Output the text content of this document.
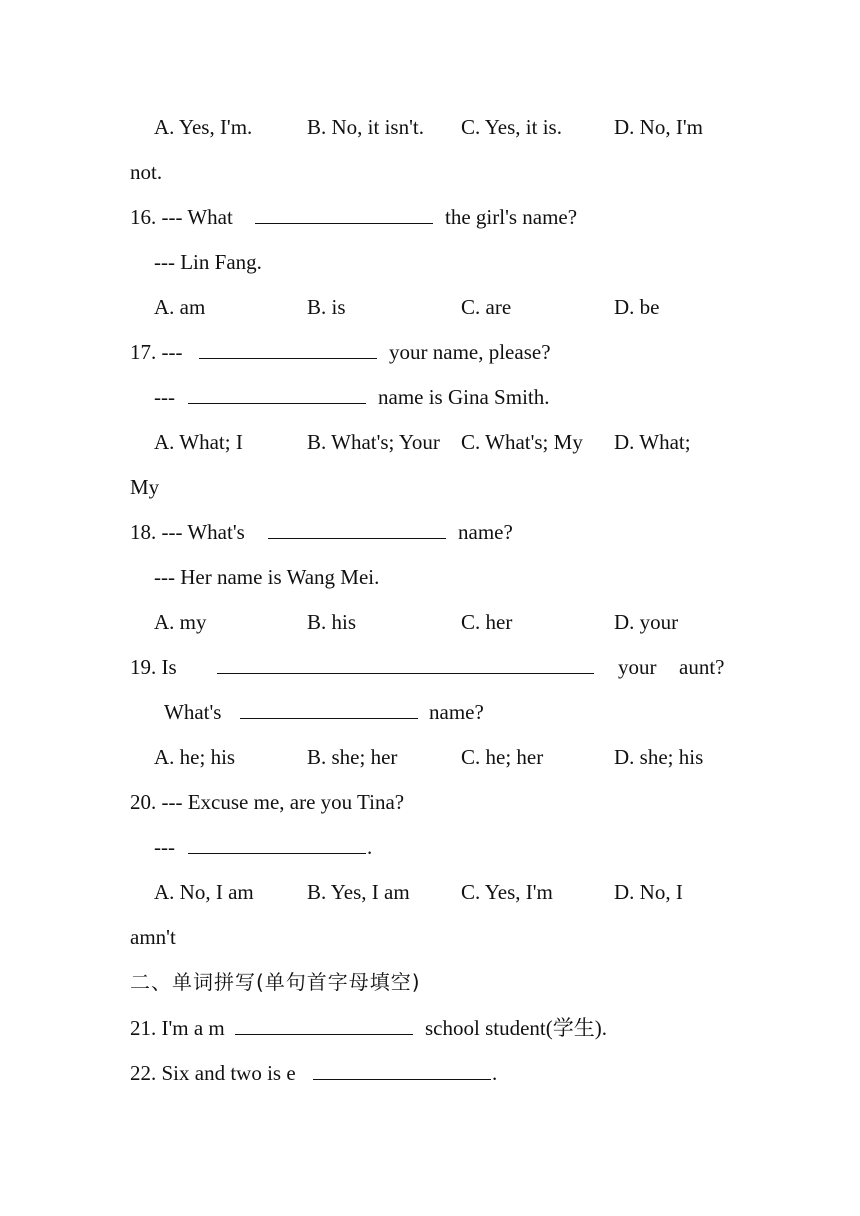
A. Yes, I'm.	B. No, it isn't. C. Yes, it is. D. No, I'm
not.
16. --- What	the girl's name?
--- Lin Fang.
A. am	B. is	C. are	D. be
17. ---	your name, please?
---	name is Gina Smith.
A. What; I	B. What's; Your C. What's; My D. What;
My
18. --- What's	name?
--- Her name is Wang Mei.
A. my	B. his	C. her	D. your
19. Is	your aunt?
What's	name?
A. he; his	B. she; her	C. he; her	D. she; his
20. --- Excuse me, are you Tina?
---	.
A. No, I am	B. Yes, I am C. Yes, I'm	D. No, I
amn't
二、单词拼写(单句首字母填空)
21. I'm a m	school student(学生).
22. Six and two is e	.
